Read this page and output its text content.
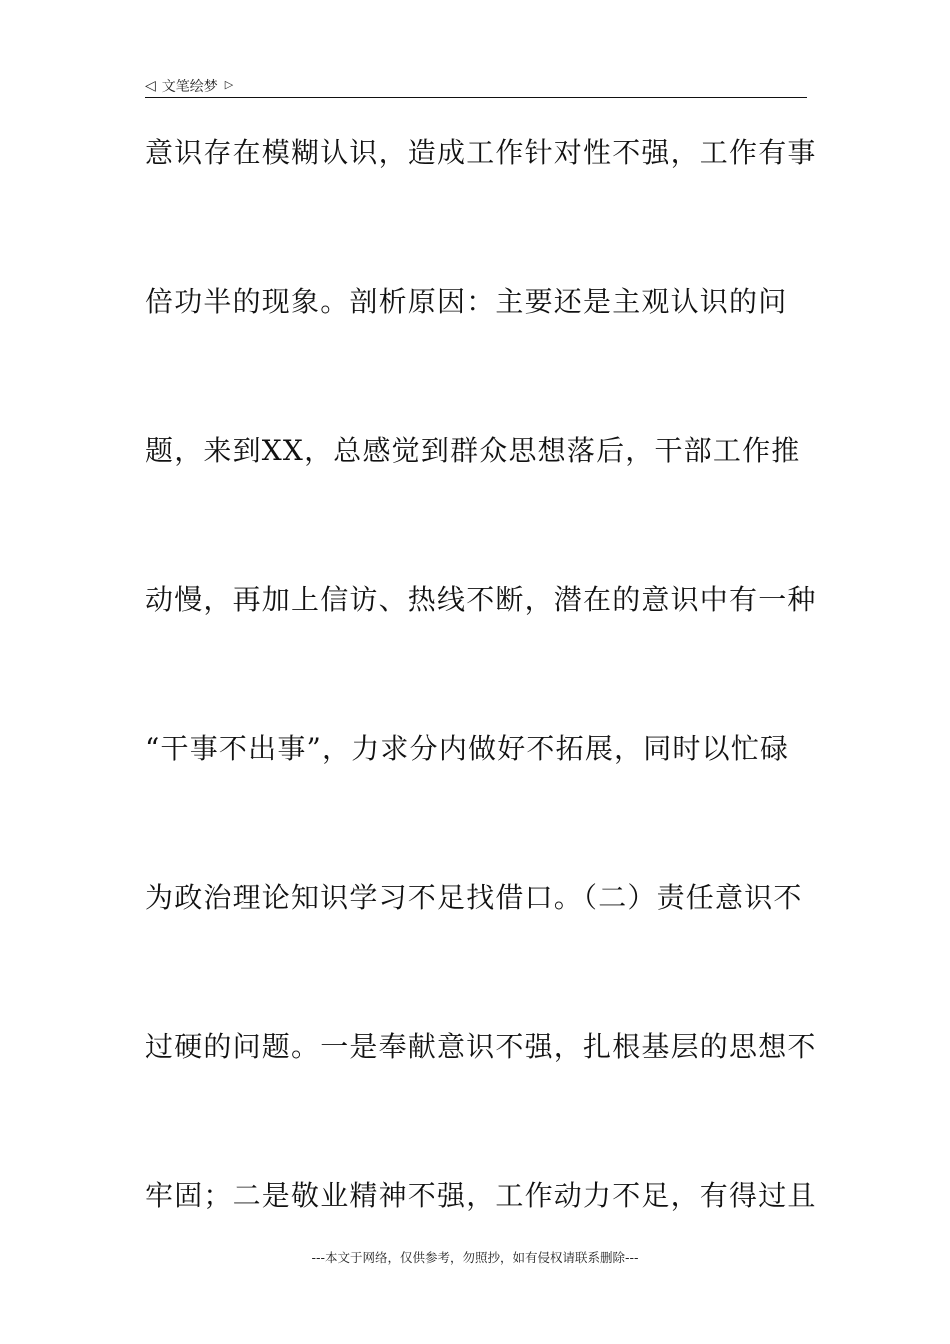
◁ 文笔绘梦 ▷
意识存在模糊认识，造成工作针对性不强，工作有事
倍功半的现象。剖析原因：主要还是主观认识的问
题，来到XX，总感觉到群众思想落后，干部工作推
动慢，再加上信访、热线不断，潜在的意识中有一种
“干事不出事”，力求分内做好不拓展，同时以忙碌
为政治理论知识学习不足找借口。（二）责任意识不
过硬的问题。一是奉献意识不强，扎根基层的思想不
牢固；二是敬业精神不强，工作动力不足，有得过且
---本文于网络，仅供参考，勿照抄，如有侵权请联系删除---
